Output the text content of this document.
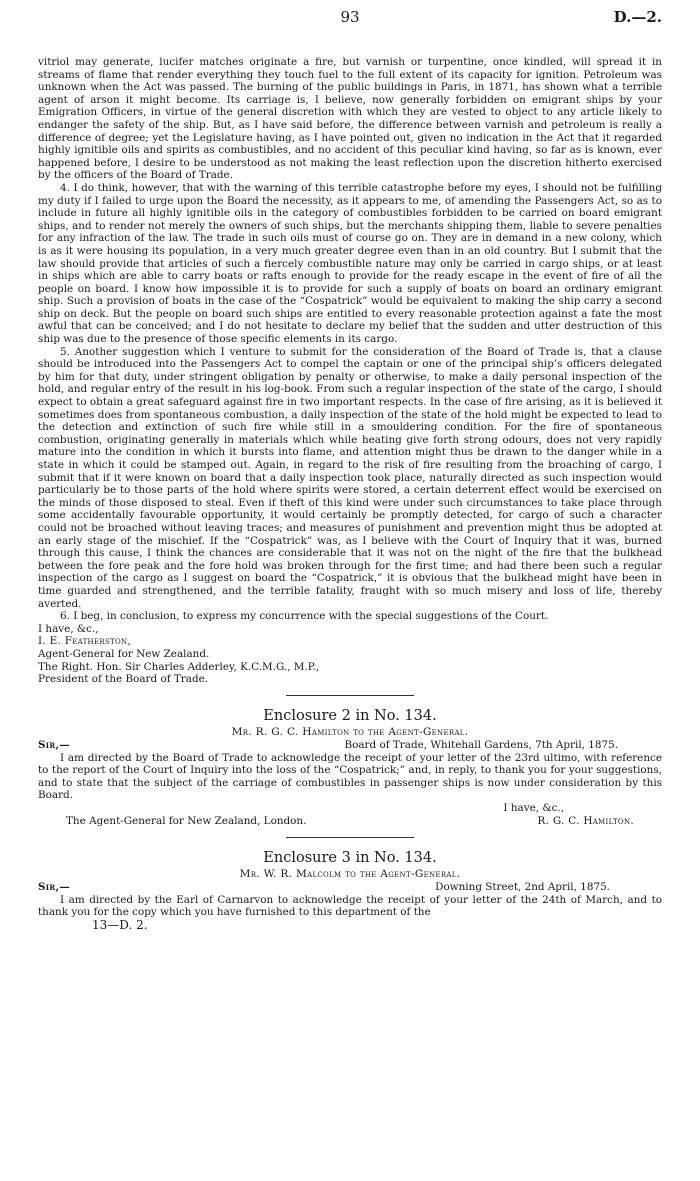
93	D.—2.

vitriol may generate, lucifer matches originate a fire, but varnish or turpentine, once kindled, will spread it in streams of flame that render everything they touch fuel to the full extent of its capacity for ignition. Petroleum was unknown when the Act was passed. The burning of the public buildings in Paris, in 1871, has shown what a terrible agent of arson it might become. Its carriage is, I believe, now generally forbidden on emigrant ships by your Emigration Officers, in virtue of the general discretion with which they are vested to object to any article likely to endanger the safety of the ship. But, as I have said before, the difference between varnish and petroleum is really a difference of degree; yet the Legislature having, as I have pointed out, given no indication in the Act that it regarded highly ignitible oils and spirits as combustibles, and no accident of this peculiar kind having, so far as is known, ever happened before, I desire to be understood as not making the least reflection upon the discretion hitherto exercised by the officers of the Board of Trade.

4. I do think, however, that with the warning of this terrible catastrophe before my eyes, I should not be fulfilling my duty if I failed to urge upon the Board the necessity, as it appears to me, of amending the Passengers Act, so as to include in future all highly ignitible oils in the category of combustibles forbidden to be carried on board emigrant ships, and to render not merely the owners of such ships, but the merchants shipping them, liable to severe penalties for any infraction of the law. The trade in such oils must of course go on. They are in demand in a new colony, which is as it were housing its population, in a very much greater degree even than in an old country. But I submit that the law should provide that articles of such a fiercely combustible nature may only be carried in cargo ships, or at least in ships which are able to carry boats or rafts enough to provide for the ready escape in the event of fire of all the people on board. I know how impossible it is to provide for such a supply of boats on board an ordinary emigrant ship. Such a provision of boats in the case of the “Cospatrick” would be equivalent to making the ship carry a second ship on deck. But the people on board such ships are entitled to every reasonable protection against a fate the most awful that can be conceived; and I do not hesitate to declare my belief that the sudden and utter destruction of this ship was due to the presence of those specific elements in its cargo.

5. Another suggestion which I venture to submit for the consideration of the Board of Trade is, that a clause should be introduced into the Passengers Act to compel the captain or one of the principal ship’s officers delegated by him for that duty, under stringent obligation by penalty or otherwise, to make a daily personal inspection of the hold, and regular entry of the result in his log-book. From such a regular inspection of the state of the cargo, I should expect to obtain a great safeguard against fire in two important respects. In the case of fire arising, as it is believed it sometimes does from spontaneous combustion, a daily inspection of the state of the hold might be expected to lead to the detection and extinction of such fire while still in a smouldering condition. For the fire of spontaneous combustion, originating generally in materials which while heating give forth strong odours, does not very rapidly mature into the condition in which it bursts into flame, and attention might thus be drawn to the danger while in a state in which it could be stamped out. Again, in regard to the risk of fire resulting from the broaching of cargo, I submit that if it were known on board that a daily inspection took place, naturally directed as such inspection would particularly be to those parts of the hold where spirits were stored, a certain deterrent effect would be exercised on the minds of those disposed to steal. Even if theft of this kind were under such circumstances to take place through some accidentally favourable opportunity, it would certainly be promptly detected, for cargo of such a character could not be broached without leaving traces; and measures of punishment and prevention might thus be adopted at an early stage of the mischief. If the “Cospatrick” was, as I believe with the Court of Inquiry that it was, burned through this cause, I think the chances are considerable that it was not on the night of the fire that the bulkhead between the fore peak and the fore hold was broken through for the first time; and had there been such a regular inspection of the cargo as I suggest on board the “Cospatrick,” it is obvious that the bulkhead might have been in time guarded and strengthened, and the terrible fatality, fraught with so much misery and loss of life, thereby averted.

6. I beg, in conclusion, to express my concurrence with the special suggestions of the Court.

I have, &c.,

I. E. Featherston,

Agent-General for New Zealand.

The Right. Hon. Sir Charles Adderley, K.C.M.G., M.P.,

President of the Board of Trade.

Enclosure 2 in No. 134.
Mr. R. G. C. Hamilton to the Agent-General.
Sir,—	Board of Trade, Whitehall Gardens, 7th April, 1875.

I am directed by the Board of Trade to acknowledge the receipt of your letter of the 23rd ultimo, with reference to the report of the Court of Inquiry into the loss of the “Cospatrick;” and, in reply, to thank you for your suggestions, and to state that the subject of the carriage of combustibles in passenger ships is now under consideration by this Board.

I have, &c.,

The Agent-General for New Zealand, London.	R. G. C. Hamilton.
Enclosure 3 in No. 134.
Mr. W. R. Malcolm to the Agent-General.
Sir,—	Downing Street, 2nd April, 1875.

I am directed by the Earl of Carnarvon to acknowledge the receipt of your letter of the 24th of March, and to thank you for the copy which you have furnished to this department of the

13—D. 2.
